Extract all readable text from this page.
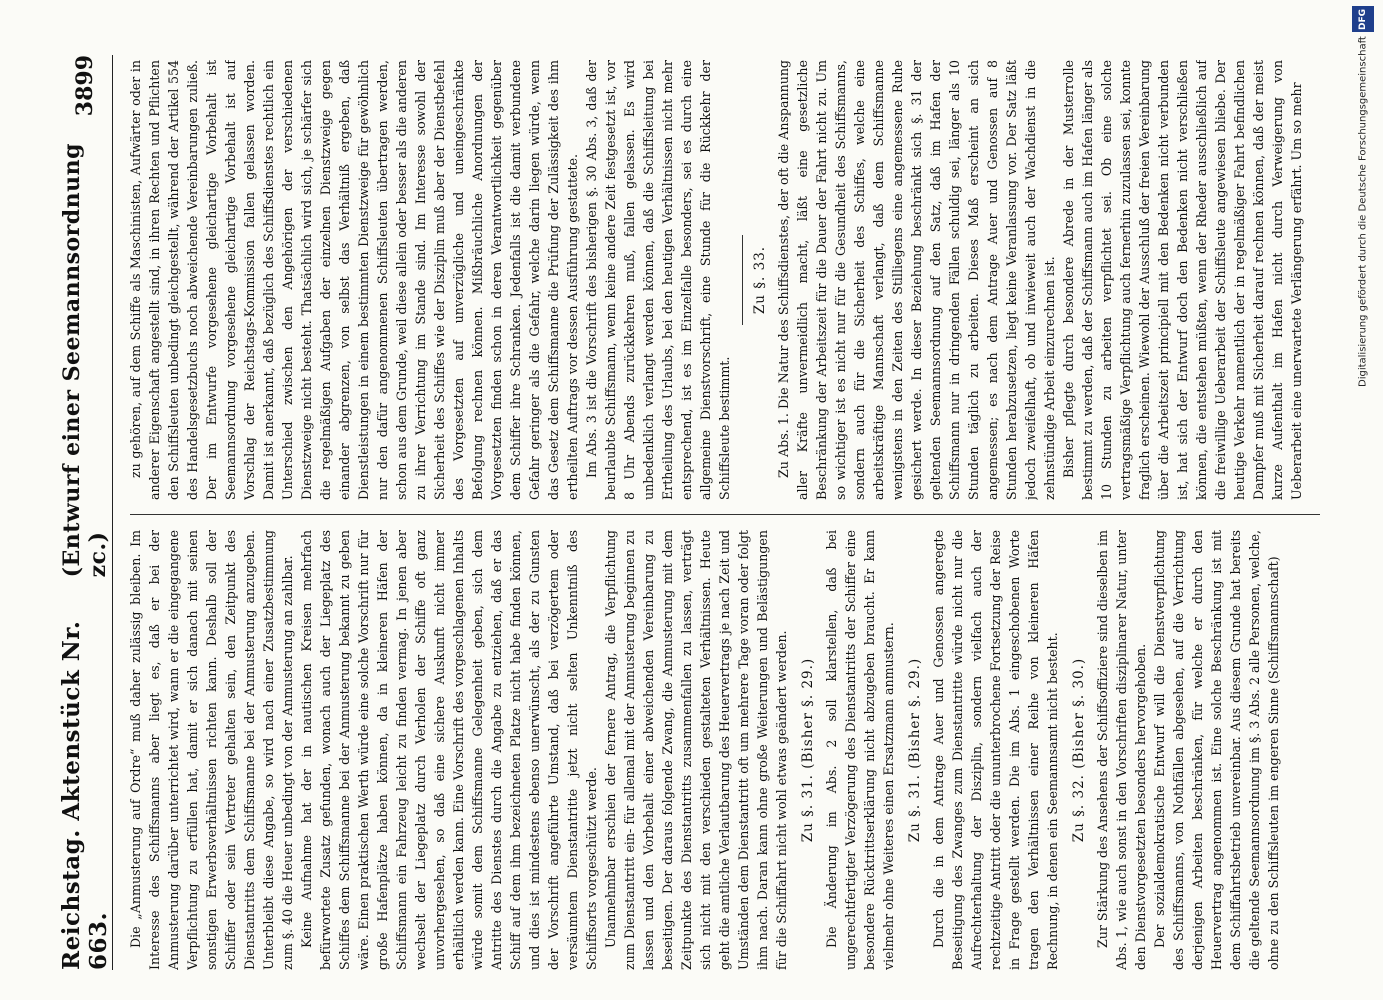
Reichstag. Aktenstück Nr. 663.
(Entwurf einer Seemannsordnung zc.)
3899

Die „Anmusterung auf Ordre“ muß daher zulässig bleiben. Im Interesse des Schiffsmanns aber liegt es, daß er bei der Anmusterung darüber unterrichtet wird, wann er die eingegangene Verpflichtung zu erfüllen hat, damit er sich danach mit seinen sonstigen Erwerbsverhältnissen richten kann. Deshalb soll der Schiffer oder sein Vertreter gehalten sein, den Zeitpunkt des Dienstantritts dem Schiffsmanne bei der Anmusterung anzugeben. Unterbleibt diese Angabe, so wird nach einer Zusatzbestimmung zum §. 40 die Heuer unbedingt von der Anmusterung an zahlbar. Keine Aufnahme hat der in nautischen Kreisen mehrfach befürwortete Zusatz gefunden, wonach auch der Liegeplatz des Schiffes dem Schiffsmanne bei der Anmusterung bekannt zu geben wäre. Einen praktischen Werth würde eine solche Vorschrift nur für große Hafenplätze haben können, da in kleineren Häfen der Schiffsmann ein Fahrzeug leicht zu finden vermag. In jenen aber wechselt der Liegeplatz durch Verholen der Schiffe oft ganz unvorhergesehen, so daß eine sichere Auskunft nicht immer erhältlich werden kann. Eine Vorschrift des vorgeschlagenen Inhalts würde somit dem Schiffsmanne Gelegenheit geben, sich dem Antritte des Dienstes durch die Angabe zu entziehen, daß er das Schiff auf dem ihm bezeichneten Platze nicht habe finden können, und dies ist mindestens ebenso unerwünscht, als der zu Gunsten der Vorschrift angeführte Umstand, daß bei verzögertem oder versäumtem Dienstantritte jetzt nicht selten Unkenntniß des Schiffsorts vorgeschützt werde. Unannehmbar erschien der fernere Antrag, die Verpflichtung zum Dienstantritt ein- für allemal mit der Anmusterung beginnen zu lassen und den Vorbehalt einer abweichenden Vereinbarung zu beseitigen. Der daraus folgende Zwang, die Anmusterung mit dem Zeitpunkte des Dienstantritts zusammenfallen zu lassen, verträgt sich nicht mit den verschieden gestalteten Verhältnissen. Heute geht die amtliche Verlautbarung des Heuervertrags je nach Zeit und Umständen dem Dienstantritt oft um mehrere Tage voran oder folgt ihm nach. Daran kann ohne große Weiterungen und Belästigungen für die Schiffahrt nicht wohl etwas geändert werden. Zu §. 31. (Bisher §. 29.) Die Änderung im Abs. 2 soll klarstellen, daß bei ungerechtfertigter Verzögerung des Dienstantritts der Schiffer eine besondere Rücktrittserklärung nicht abzugeben braucht. Er kann vielmehr ohne Weiteres einen Ersatzmann anmustern. Zu §. 31. (Bisher §. 29.) Durch die in dem Antrage Auer und Genossen angeregte Beseitigung des Zwanges zum Dienstantritte würde nicht nur die Aufrechterhaltung der Disziplin, sondern vielfach auch der rechtzeitige Antritt oder die ununterbrochene Fortsetzung der Reise in Frage gestellt werden. Die im Abs. 1 eingeschobenen Worte tragen den Verhältnissen einer Reihe von kleineren Häfen Rechnung, in denen ein Seemannsamt nicht besteht. Zu §. 32. (Bisher §. 30.) Zur Stärkung des Ansehens der Schiffsoffiziere sind dieselben im Abs. 1, wie auch sonst in den Vorschriften disziplinarer Natur, unter den Dienstvorgesetzten besonders hervorgehoben. Der sozialdemokratische Entwurf will die Dienstverpflichtung des Schiffsmanns, von Nothfällen abgesehen, auf die Verrichtung derjenigen Arbeiten beschränken, für welche er durch den Heuervertrag angenommen ist. Eine solche Beschränkung ist mit dem Schiffahrtsbetrieb unvereinbar. Aus diesem Grunde hat bereits die geltende Seemannsordnung im §. 3 Abs. 2 alle Personen, welche, ohne zu den Schiffsleuten im engeren Sinne (Schiffsmannschaft)

zu gehören, auf dem Schiffe als Maschinisten, Aufwärter oder in anderer Eigenschaft angestellt sind, in ihren Rechten und Pflichten den Schiffsleuten unbedingt gleichgestellt, während der Artikel 554 des Handelsgesetzbuchs noch abweichende Vereinbarungen zuließ. Der im Entwurfe vorgesehene gleichartige Vorbehalt ist Seemannsordnung vorgesehene gleichartige Vorbehalt ist auf Vorschlag der Reichstags-Kommission fallen gelassen worden. Damit ist anerkannt, daß bezüglich des Schiffsdienstes rechtlich ein Unterschied zwischen den Angehörigen der verschiedenen Dienstzweige nicht besteht. Thatsächlich wird sich, je schärfer sich die regelmäßigen Aufgaben der einzelnen Dienstzweige gegen einander abgrenzen, von selbst das Verhältniß ergeben, daß Dienstleistungen in einem bestimmten Dienstzweige für gewöhnlich nur den dafür angenommenen Schiffsleuten übertragen werden, schon aus dem Grunde, weil diese allein oder besser als die anderen zu ihrer Verrichtung im Stande sind. Im Interesse sowohl der Sicherheit des Schiffes wie der Disziplin muß aber der Dienstbefehl des Vorgesetzten auf unverzügliche und uneingeschränkte Befolgung rechnen können. Mißbräuchliche Anordnungen der Vorgesetzten finden schon in deren Verantwortlichkeit gegenüber dem Schiffer ihre Schranken. Jedenfalls ist die damit verbundene Gefahr geringer als die Gefahr, welche darin liegen würde, wenn das Gesetz dem Schiffsmanne die Prüfung der Zulässigkeit des ihm ertheilten Auftrags vor dessen Ausführung gestattete. Im Abs. 3 ist die Vorschrift des bisherigen §. 30 Abs. 3, daß der beurlaubte Schiffsmann, wenn keine andere Zeit festgesetzt ist, vor 8 Uhr Abends zurückkehren muß, fallen gelassen. Es wird unbedenklich verlangt werden können, daß die Schiffsleitung bei Ertheilung des Urlaubs, bei den heutigen Verhältnissen nicht mehr entsprechend, ist es im Einzelfalle besonders, sei es durch eine allgemeine Dienstvorschrift, eine Stunde für die Rückkehr der Schiffsleute bestimmt.

Zu §. 33. Zu Abs. 1. Die Natur des Schiffsdienstes, der oft die Anspannung aller Kräfte unvermeidlich macht, läßt eine gesetzliche Beschränkung der Arbeitszeit für die Dauer der Fahrt nicht zu. Um so wichtiger ist es nicht nur für die Gesundheit des Schiffsmanns, sondern auch für die Sicherheit des Schiffes, welche eine arbeitskräftige Mannschaft verlangt, daß dem Schiffsmanne wenigstens in den Zeiten des Stilliegens eine angemessene Ruhe gesichert werde. In dieser Beziehung beschränkt sich §. 31 der geltenden Seemannsordnung auf den Satz, daß im Hafen der Schiffsmann nur in dringenden Fällen schuldig sei, länger als 10 Stunden täglich zu arbeiten. Dieses Maß erscheint an sich angemessen; es nach dem Antrage Auer und Genossen auf 8 Stunden herabzusetzen, liegt keine Veranlassung vor. Der Satz läßt jedoch zweifelhaft, ob und inwieweit auch der Wachdienst in die zehnstündige Arbeit einzurechnen ist. Bisher pflegte durch besondere Abrede in der Musterrolle bestimmt zu werden, daß der Schiffsmann auch im Hafen länger als 10 Stunden zu arbeiten verpflichtet sei. Ob eine solche vertragsmäßige Verpflichtung auch fernerhin zuzulassen sei, konnte fraglich erscheinen. Wiewohl der Ausschluß der freien Vereinbarung über die Arbeitszeit principiell mit den Bedenken nicht verbunden ist, hat sich der Entwurf doch den Bedenken nicht verschließen können, die entstehen müßten, wenn der Rheder ausschließlich auf die freiwillige Ueberarbeit der Schiffsleute angewiesen bliebe. Der heutige Verkehr namentlich der in regelmäßiger Fahrt befindlichen Dampfer muß mit Sicherheit darauf rechnen können, daß der meist kurze Aufenthalt im Hafen nicht durch Verweigerung von Ueberarbeit eine unerwartete Verlängerung erfährt. Um so mehr

DFG
Digitalisierung gefördert durch die Deutsche Forschungsgemeinschaft
